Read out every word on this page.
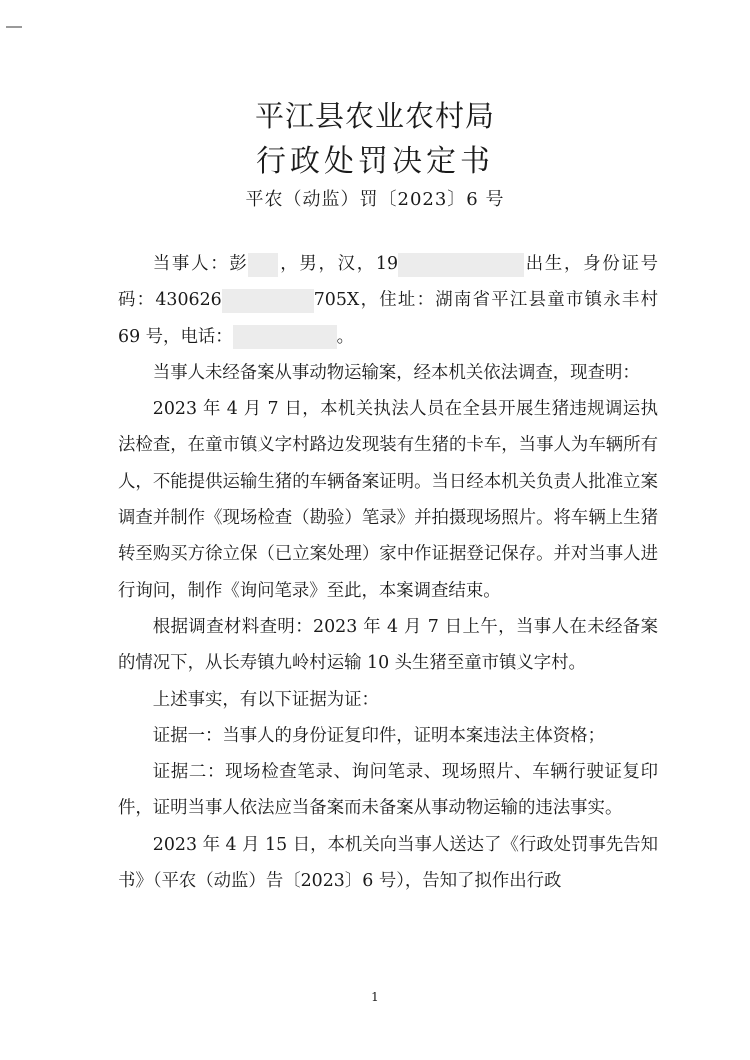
平江县农业农村局
行政处罚决定书
平农（动监）罚〔2023〕6 号

当事人：彭 ，男，汉，19	出生，身份证号码：430626	705X，住址：湖南省平江县童市镇永丰村 69 号，电话：	。

当事人未经备案从事动物运输案，经本机关依法调查，现查明：

2023 年 4 月 7 日，本机关执法人员在全县开展生猪违规调运执法检查，在童市镇义字村路边发现装有生猪的卡车，当事人为车辆所有人，不能提供运输生猪的车辆备案证明。当日经本机关负责人批准立案调查并制作《现场检查（勘验）笔录》并拍摄现场照片。将车辆上生猪转至购买方徐立保（已立案处理）家中作证据登记保存。并对当事人进行询问，制作《询问笔录》至此，本案调查结束。

根据调查材料查明：2023 年 4 月 7 日上午，当事人在未经备案的情况下，从长寿镇九岭村运输 10 头生猪至童市镇义字村。

上述事实，有以下证据为证：

证据一：当事人的身份证复印件，证明本案违法主体资格；

证据二：现场检查笔录、询问笔录、现场照片、车辆行驶证复印件，证明当事人依法应当备案而未备案从事动物运输的违法事实。

2023 年 4 月 15 日，本机关向当事人送达了《行政处罚事先告知书》（平农（动监）告〔2023〕6 号），告知了拟作出行政

1
